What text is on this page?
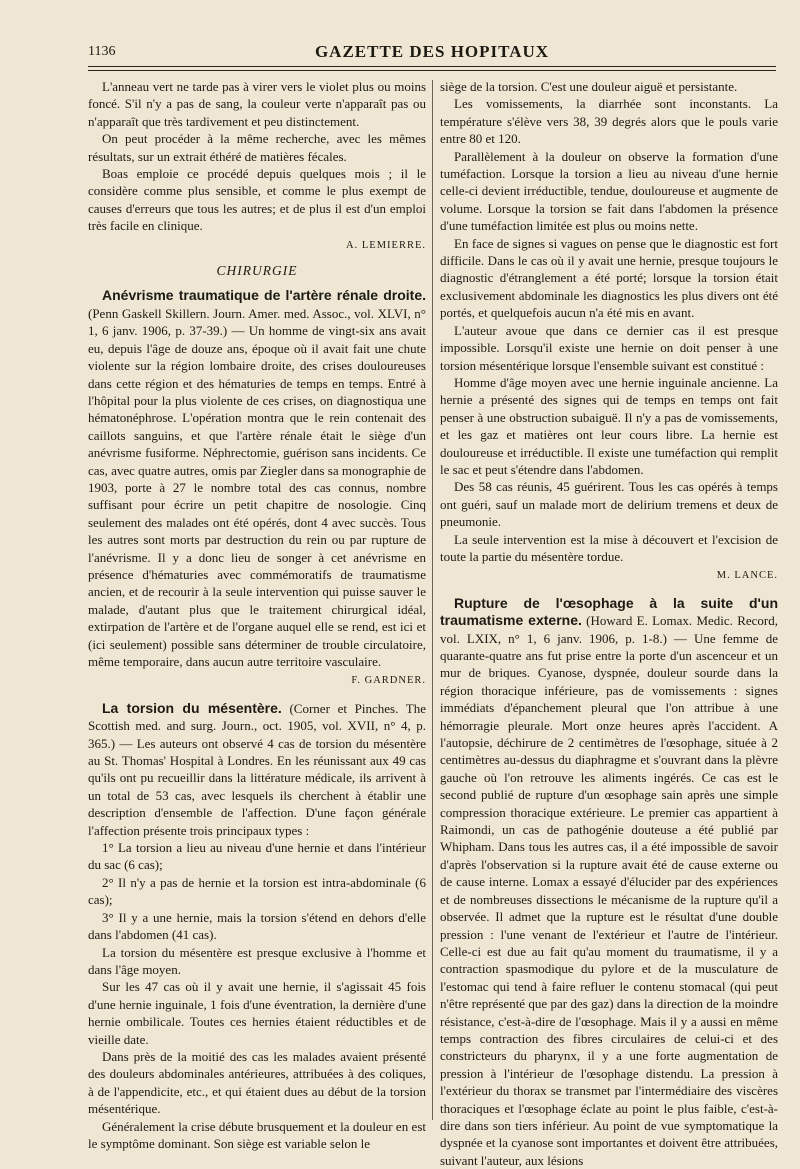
1136	GAZETTE DES HOPITAUX

L'anneau vert ne tarde pas à virer vers le violet plus ou moins foncé. S'il n'y a pas de sang, la couleur verte n'apparaît pas ou n'apparaît que très tardivement et peu distinctement.

On peut procéder à la même recherche, avec les mêmes résultats, sur un extrait éthéré de matières fécales.

Boas emploie ce procédé depuis quelques mois ; il le considère comme plus sensible, et comme le plus exempt de causes d'erreurs que tous les autres; et de plus il est d'un emploi très facile en clinique.

A. LEMIERRE.
CHIRURGIE

Anévrisme traumatique de l'artère rénale droite. (Penn Gaskell Skillern. Journ. Amer. med. Assoc., vol. XLVI, n° 1, 6 janv. 1906, p. 37-39.) — Un homme de vingt-six ans avait eu, depuis l'âge de douze ans, époque où il avait fait une chute violente sur la région lombaire droite, des crises douloureuses dans cette région et des hématuries de temps en temps. Entré à l'hôpital pour la plus violente de ces crises, on diagnostiqua une hématonéphrose. L'opération montra que le rein contenait des caillots sanguins, et que l'artère rénale était le siège d'un anévrisme fusiforme. Néphrectomie, guérison sans incidents. Ce cas, avec quatre autres, omis par Ziegler dans sa monographie de 1903, porte à 27 le nombre total des cas connus, nombre suffisant pour écrire un petit chapitre de nosologie. Cinq seulement des malades ont été opérés, dont 4 avec succès. Tous les autres sont morts par destruction du rein ou par rupture de l'anévrisme. Il y a donc lieu de songer à cet anévrisme en présence d'hématuries avec commémoratifs de traumatisme ancien, et de recourir à la seule intervention qui puisse sauver le malade, d'autant plus que le traitement chirurgical idéal, extirpation de l'artère et de l'organe auquel elle se rend, est ici et (ici seulement) possible sans déterminer de trouble circulatoire, même temporaire, dans aucun autre territoire vasculaire.

F. GARDNER.

La torsion du mésentère. (Corner et Pinches. The Scottish med. and surg. Journ., oct. 1905, vol. XVII, n° 4, p. 365.) — Les auteurs ont observé 4 cas de torsion du mésentère au St. Thomas' Hospital à Londres. En les réunissant aux 49 cas qu'ils ont pu recueillir dans la littérature médicale, ils arrivent à un total de 53 cas, avec lesquels ils cherchent à établir une description d'ensemble de l'affection. D'une façon générale l'affection présente trois principaux types :

1° La torsion a lieu au niveau d'une hernie et dans l'intérieur du sac (6 cas);

2° Il n'y a pas de hernie et la torsion est intra-abdominale (6 cas);

3° Il y a une hernie, mais la torsion s'étend en dehors d'elle dans l'abdomen (41 cas).

La torsion du mésentère est presque exclusive à l'homme et dans l'âge moyen.

Sur les 47 cas où il y avait une hernie, il s'agissait 45 fois d'une hernie inguinale, 1 fois d'une éventration, la dernière d'une hernie ombilicale. Toutes ces hernies étaient réductibles et de vieille date.

Dans près de la moitié des cas les malades avaient présenté des douleurs abdominales antérieures, attribuées à des coliques, à de l'appendicite, etc., et qui étaient dues au début de la torsion mésentérique.

Généralement la crise débute brusquement et la douleur en est le symptôme dominant. Son siège est variable selon le

siège de la torsion. C'est une douleur aiguë et persistante.

Les vomissements, la diarrhée sont inconstants. La température s'élève vers 38, 39 degrés alors que le pouls varie entre 80 et 120.

Parallèlement à la douleur on observe la formation d'une tuméfaction. Lorsque la torsion a lieu au niveau d'une hernie celle-ci devient irréductible, tendue, douloureuse et augmente de volume. Lorsque la torsion se fait dans l'abdomen la présence d'une tuméfaction limitée est plus ou moins nette.

En face de signes si vagues on pense que le diagnostic est fort difficile. Dans le cas où il y avait une hernie, presque toujours le diagnostic d'étranglement a été porté; lorsque la torsion était exclusivement abdominale les diagnostics les plus divers ont été portés, et quelquefois aucun n'a été mis en avant.

L'auteur avoue que dans ce dernier cas il est presque impossible. Lorsqu'il existe une hernie on doit penser à une torsion mésentérique lorsque l'ensemble suivant est constitué :

Homme d'âge moyen avec une hernie inguinale ancienne. La hernie a présenté des signes qui de temps en temps ont fait penser à une obstruction subaiguë. Il n'y a pas de vomissements, et les gaz et matières ont leur cours libre. La hernie est douloureuse et irréductible. Il existe une tuméfaction qui remplit le sac et peut s'étendre dans l'abdomen.

Des 58 cas réunis, 45 guérirent. Tous les cas opérés à temps ont guéri, sauf un malade mort de delirium tremens et deux de pneumonie.

La seule intervention est la mise à découvert et l'excision de toute la partie du mésentère tordue.

M. LANCE.

Rupture de l'œsophage à la suite d'un traumatisme externe. (Howard E. Lomax. Medic. Record, vol. LXIX, n° 1, 6 janv. 1906, p. 1-8.) — Une femme de quarante-quatre ans fut prise entre la porte d'un ascenceur et un mur de briques. Cyanose, dyspnée, douleur sourde dans la région thoracique inférieure, pas de vomissements : signes immédiats d'épanchement pleural que l'on attribue à une hémorragie pleurale. Mort onze heures après l'accident. A l'autopsie, déchirure de 2 centimètres de l'œsophage, située à 2 centimètres au-dessus du diaphragme et s'ouvrant dans la plèvre gauche où l'on retrouve les aliments ingérés. Ce cas est le second publié de rupture d'un œsophage sain après une simple compression thoracique extérieure. Le premier cas appartient à Raimondi, un cas de pathogénie douteuse a été publié par Whipham. Dans tous les autres cas, il a été impossible de savoir d'après l'observation si la rupture avait été de cause externe ou de cause interne. Lomax a essayé d'élucider par des expériences et de nombreuses dissections le mécanisme de la rupture qu'il a observée. Il admet que la rupture est le résultat d'une double pression : l'une venant de l'extérieur et l'autre de l'intérieur. Celle-ci est due au fait qu'au moment du traumatisme, il y a contraction spasmodique du pylore et de la musculature de l'estomac qui tend à faire refluer le contenu stomacal (qui peut n'être représenté que par des gaz) dans la direction de la moindre résistance, c'est-à-dire de l'œsophage. Mais il y a aussi en même temps contraction des fibres circulaires de celui-ci et des constricteurs du pharynx, il y a une forte augmentation de pression à l'intérieur de l'œsophage distendu. La pression à l'extérieur du thorax se transmet par l'intermédiaire des viscères thoraciques et l'œsophage éclate au point le plus faible, c'est-à-dire dans son tiers inférieur. Au point de vue symptomatique la dyspnée et la cyanose sont importantes et doivent être attribuées, suivant l'auteur, aux lésions
